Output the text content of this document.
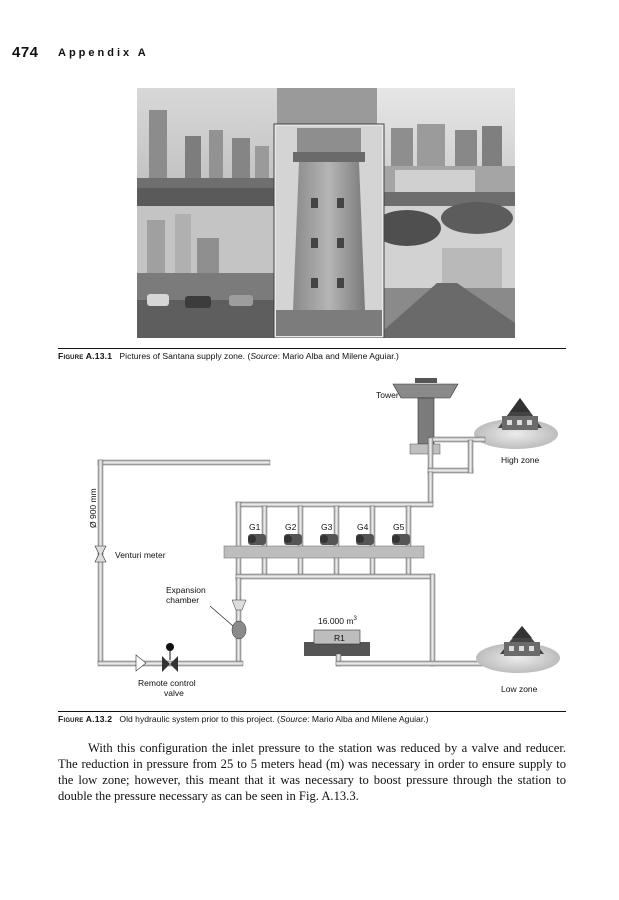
474 Appendix A
Figure A.13.1 Pictures of Santana supply zone. (Source: Mario Alba and Milene Aguiar.)
Tower
High zone
Ø 900 mm
Venturi meter
G1	G2	G3	G4	G5
Expansion
chamber
Remote control
valve
16.000 $m^3$
R1
Low zone
Figure A.13.2 Old hydraulic system prior to this project. (Source: Mario Alba and Milene Aguiar.)

With this configuration the inlet pressure to the station was reduced by a valve and reducer. The reduction in pressure from 25 to 5 meters head (m) was necessary in order to ensure supply to the low zone; however, this meant that it was necessary to boost pressure through the station to double the pressure necessary as can be seen in Fig. A.13.3.
